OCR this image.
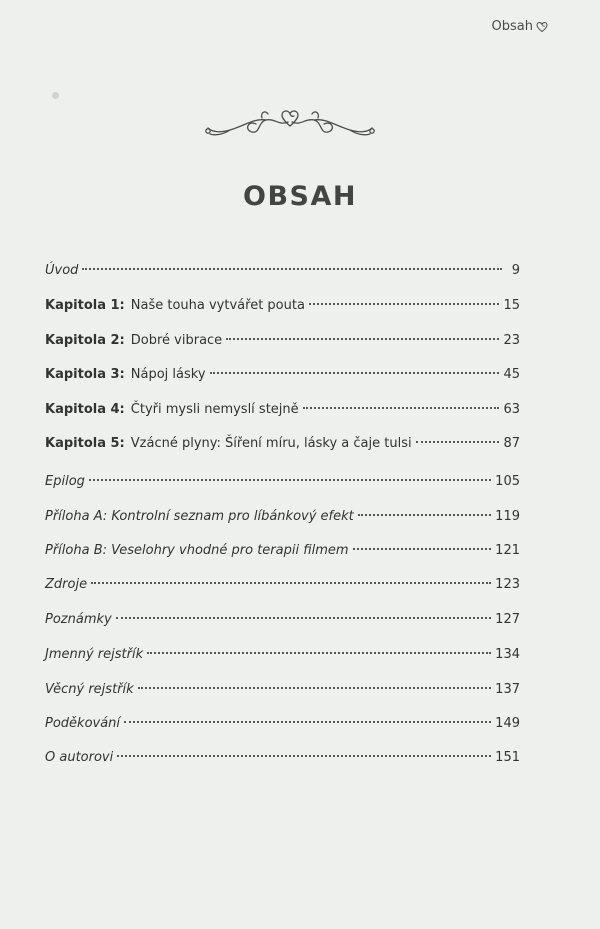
Obsah
OBSAH
Úvod	9
Kapitola 1: Naše touha vytvářet pouta	15
Kapitola 2: Dobré vibrace	23
Kapitola 3: Nápoj lásky	45
Kapitola 4: Čtyři mysli nemyslí stejně	63
Kapitola 5: Vzácné plyny: Šíření míru, lásky a čaje tulsi	87
Epilog	105
Příloha A: Kontrolní seznam pro líbánkový efekt	119
Příloha B: Veselohry vhodné pro terapii filmem	121
Zdroje	123
Poznámky	127
Jmenný rejstřík	134
Věcný rejstřík	137
Poděkování	149
O autorovi	151
